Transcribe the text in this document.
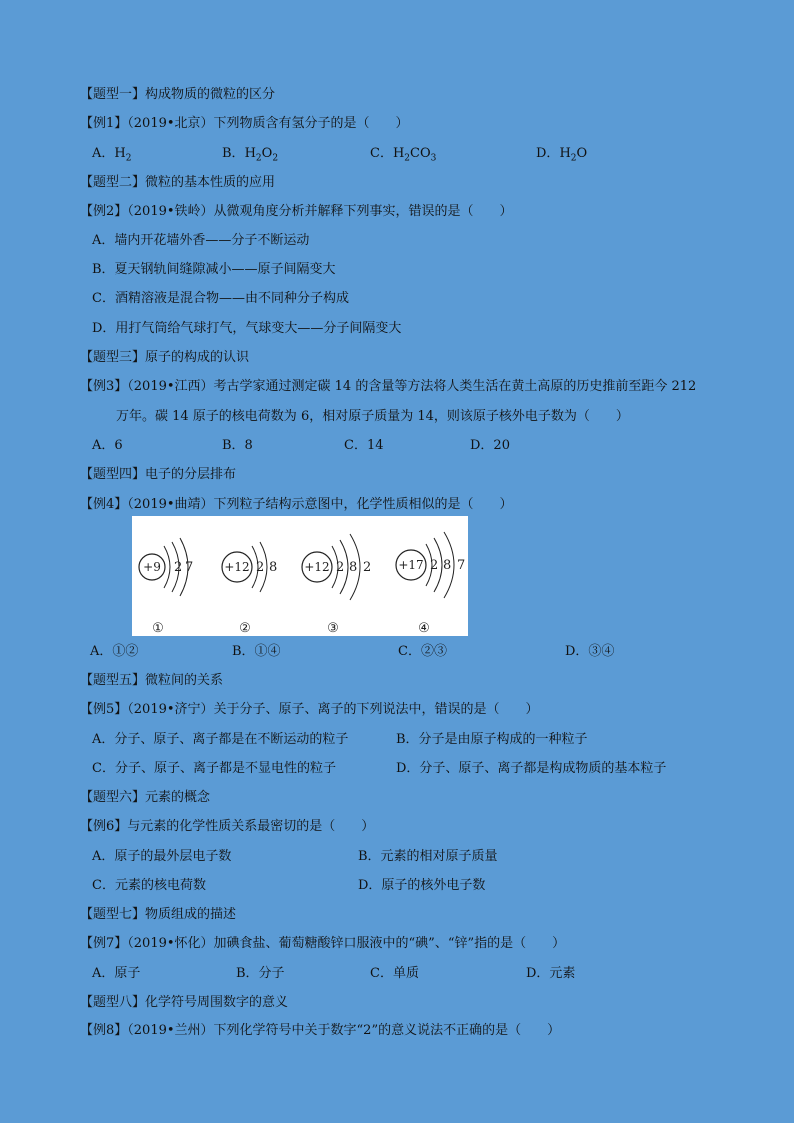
【题型一】构成物质的微粒的区分
【例1】（2019•北京）下列物质含有氢分子的是（　　）
A．$H_2$	B．$H_2O_2$	C．$H_2CO_3$	D．$H_2O$
【题型二】微粒的基本性质的应用
【例2】（2019•铁岭）从微观角度分析并解释下列事实，错误的是（　　）
A．墙内开花墙外香——分子不断运动
B．夏天钢轨间缝隙减小——原子间隔变大
C．酒精溶液是混合物——由不同种分子构成
D．用打气筒给气球打气，气球变大——分子间隔变大
【题型三】原子的构成的认识
【例3】（2019•江西）考古学家通过测定碳 14 的含量等方法将人类生活在黄土高原的历史推前至距今 212
万年。碳 14 原子的核电荷数为 6，相对原子质量为 14，则该原子核外电子数为（　　）
A．6	B．8	C．14	D．20
【题型四】电子的分层排布
【例4】（2019•曲靖）下列粒子结构示意图中，化学性质相似的是（　　）
+9 2 7
①
+12 2 8
②
+12 2 8 2
③
+17 2 8 7
④
A．①②	B．①④	C．②③	D．③④
【题型五】微粒间的关系
【例5】（2019•济宁）关于分子、原子、离子的下列说法中，错误的是（　　）
A．分子、原子、离子都是在不断运动的粒子	B．分子是由原子构成的一种粒子
C．分子、原子、离子都是不显电性的粒子	D．分子、原子、离子都是构成物质的基本粒子
【题型六】元素的概念
【例6】与元素的化学性质关系最密切的是（　　）
A．原子的最外层电子数	B．元素的相对原子质量
C．元素的核电荷数	D．原子的核外电子数
【题型七】物质组成的描述
【例7】（2019•怀化）加碘食盐、葡萄糖酸锌口服液中的“碘”、“锌”指的是（　　）
A．原子	B．分子	C．单质	D．元素
【题型八】化学符号周围数字的意义
【例8】（2019•兰州）下列化学符号中关于数字“2”的意义说法不正确的是（　　）
